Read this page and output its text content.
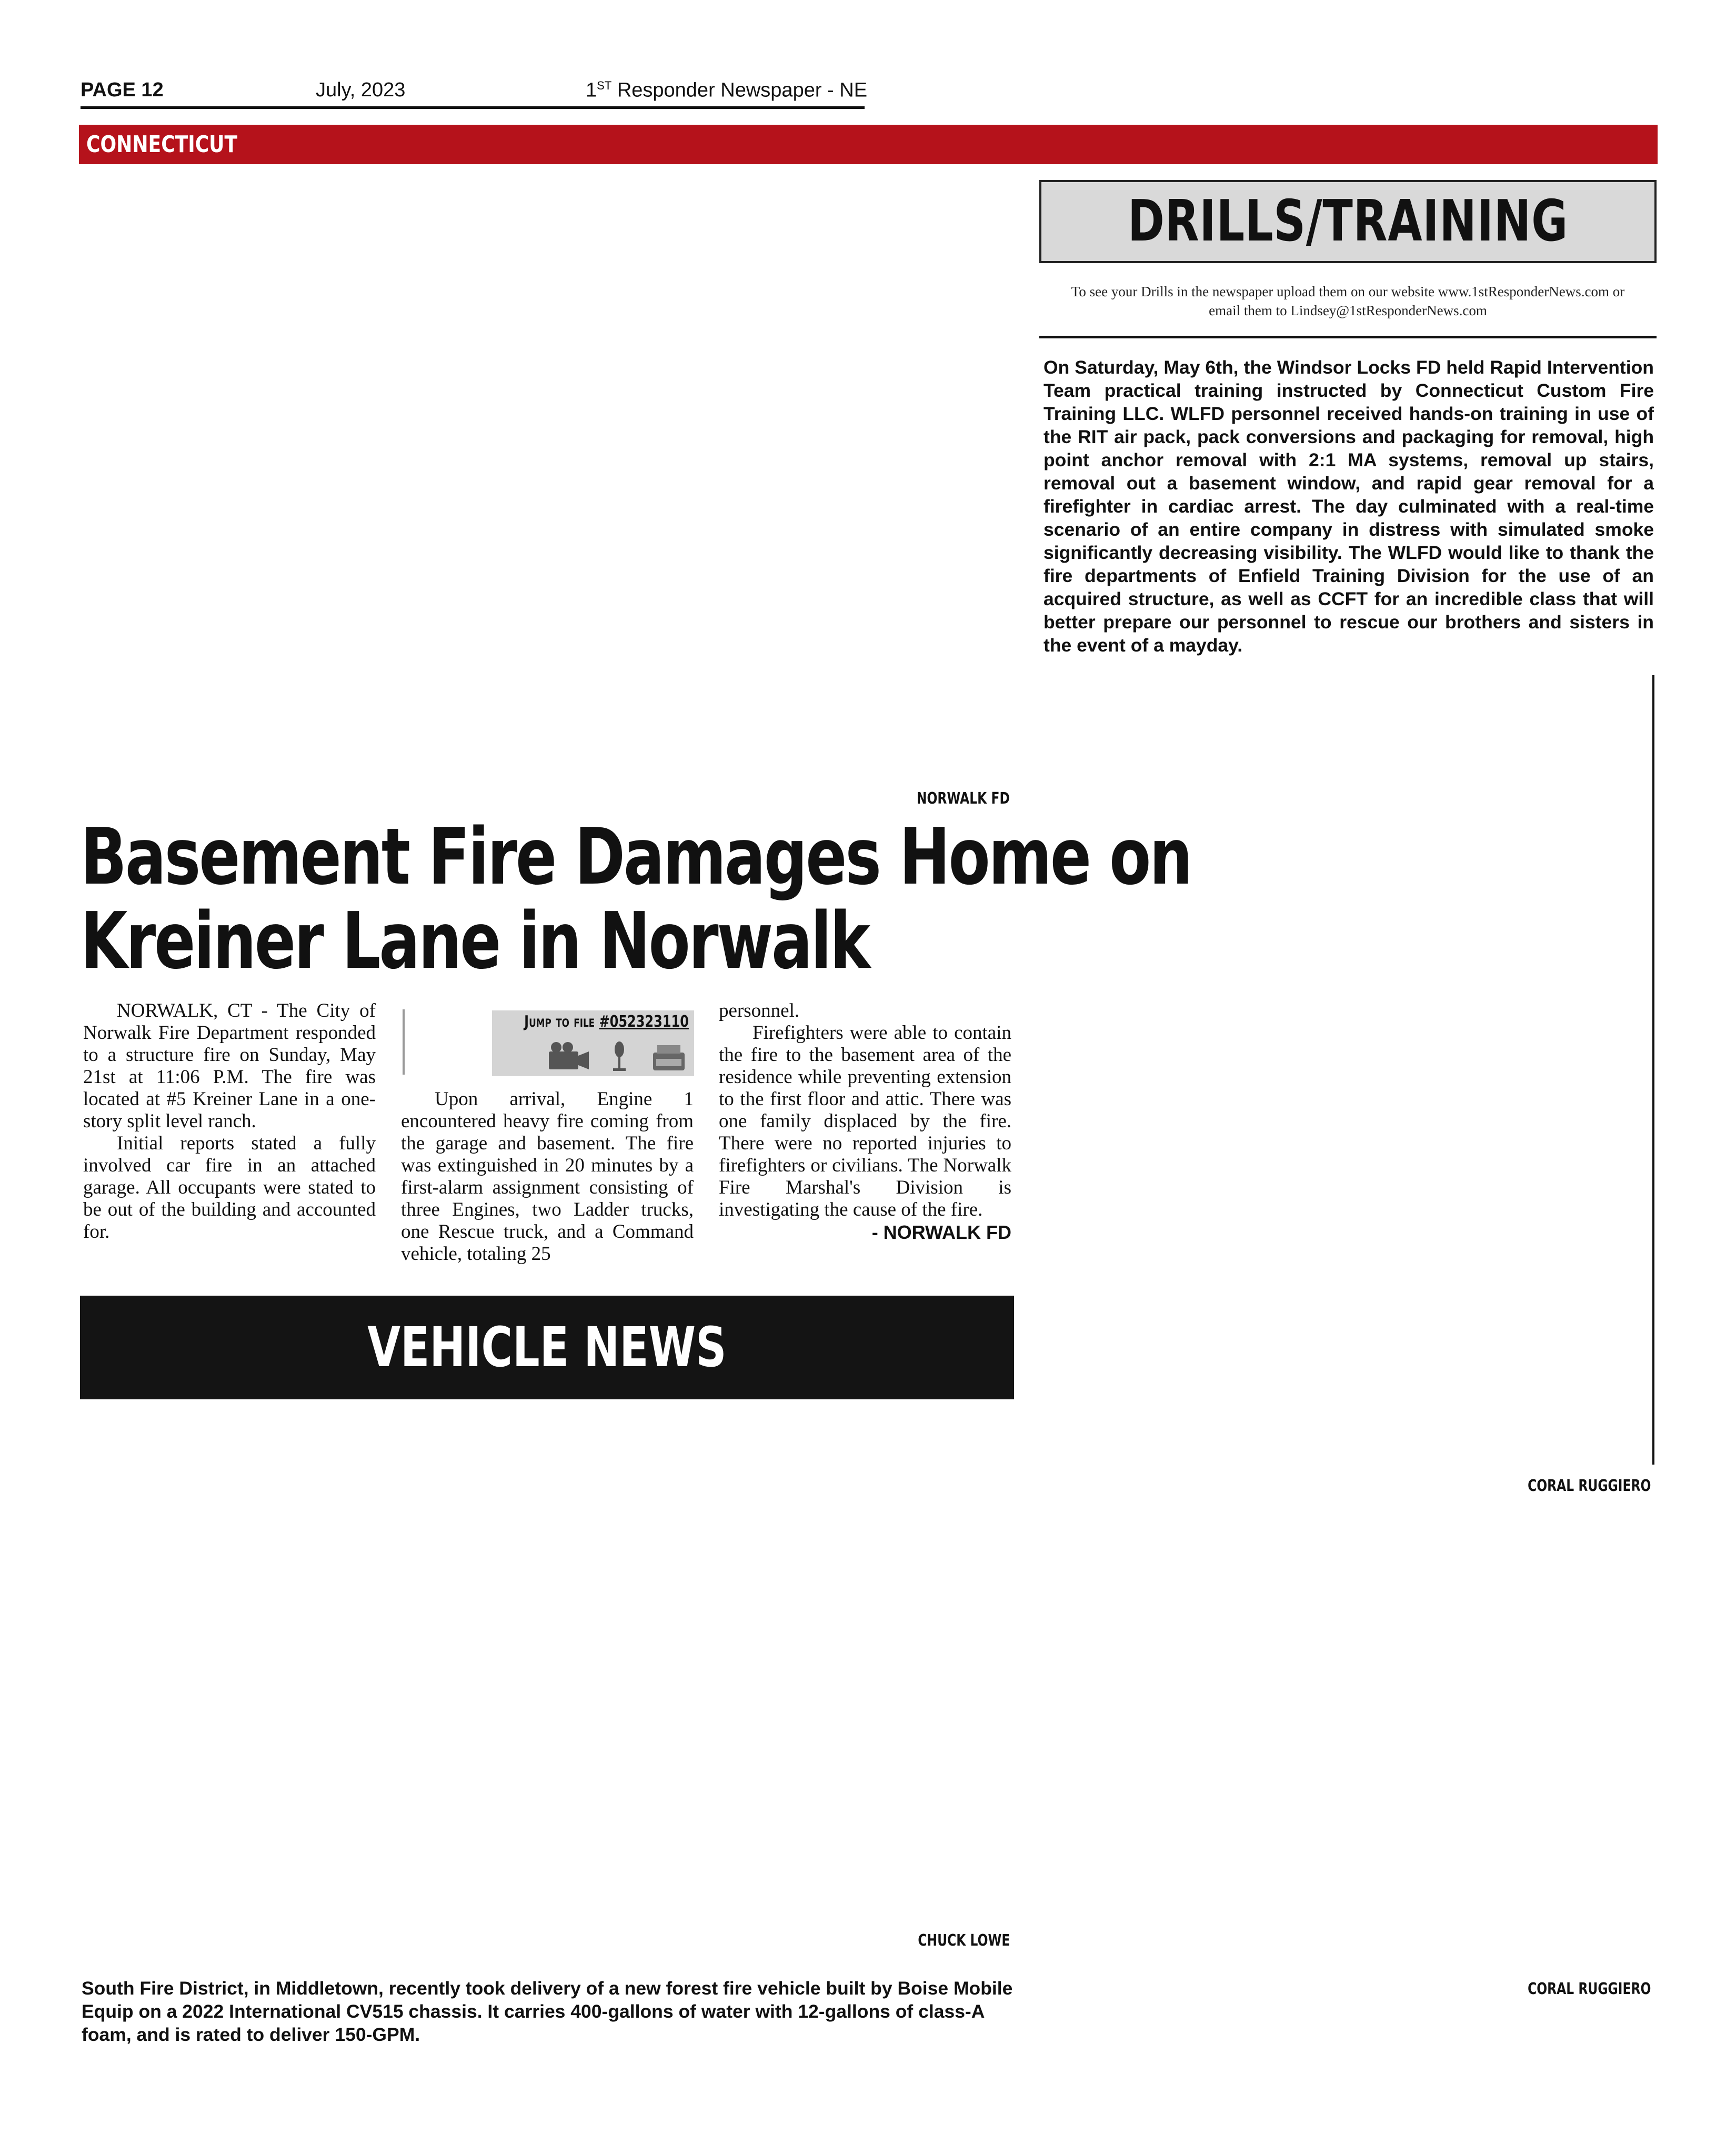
PAGE 12	July, 2023	1ST Responder Newspaper - NE
CONNECTICUT
DRILLS/TRAINING
To see your Drills in the newspaper upload them on our website www.1stResponderNews.com or
email them to Lindsey@1stResponderNews.com
On Saturday, May 6th, the Windsor Locks FD held Rapid Intervention Team practical training instructed by Connecticut Custom Fire Training LLC. WLFD personnel received hands-on training in use of the RIT air pack, pack conversions and packaging for removal, high point anchor removal with 2:1 MA systems, removal up stairs, removal out a basement window, and rapid gear removal for a firefighter in cardiac arrest. The day culminated with a real-time scenario of an entire company in distress with simulated smoke significantly decreasing visibility. The WLFD would like to thank the fire departments of Enfield Training Division for the use of an acquired structure, as well as CCFT for an incredible class that will better prepare our personnel to rescue our brothers and sisters in the event of a mayday.
NORWALK FD
CORAL RUGGIERO
CHUCK LOWE
CORAL RUGGIERO
Basement Fire Damages Home on
Kreiner Lane in Norwalk

NORWALK, CT - The City of Norwalk Fire Department responded to a structure fire on Sunday, May 21st at 11:06 P.M. The fire was located at #5 Kreiner Lane in a one-story split level ranch.

Initial reports stated a fully involved car fire in an attached garage. All occupants were stated to be out of the building and accounted for.

Jump to file #052323110

Upon arrival, Engine 1 encountered heavy fire coming from the garage and basement. The fire was extinguished in 20 minutes by a first-alarm assignment consisting of three Engines, two Ladder trucks, one Rescue truck, and a Command vehicle, totaling 25

personnel.

Firefighters were able to contain the fire to the basement area of the residence while preventing extension to the first floor and attic. There was one family displaced by the fire. There were no reported injuries to firefighters or civilians. The Norwalk Fire Marshal's Division is investigating the cause of the fire.

- NORWALK FD
VEHICLE NEWS
South Fire District, in Middletown, recently took delivery of a new forest fire vehicle built by Boise Mobile Equip on a 2022 International CV515 chassis. It carries 400-gallons of water with 12-gallons of class-A foam, and is rated to deliver 150-GPM.
